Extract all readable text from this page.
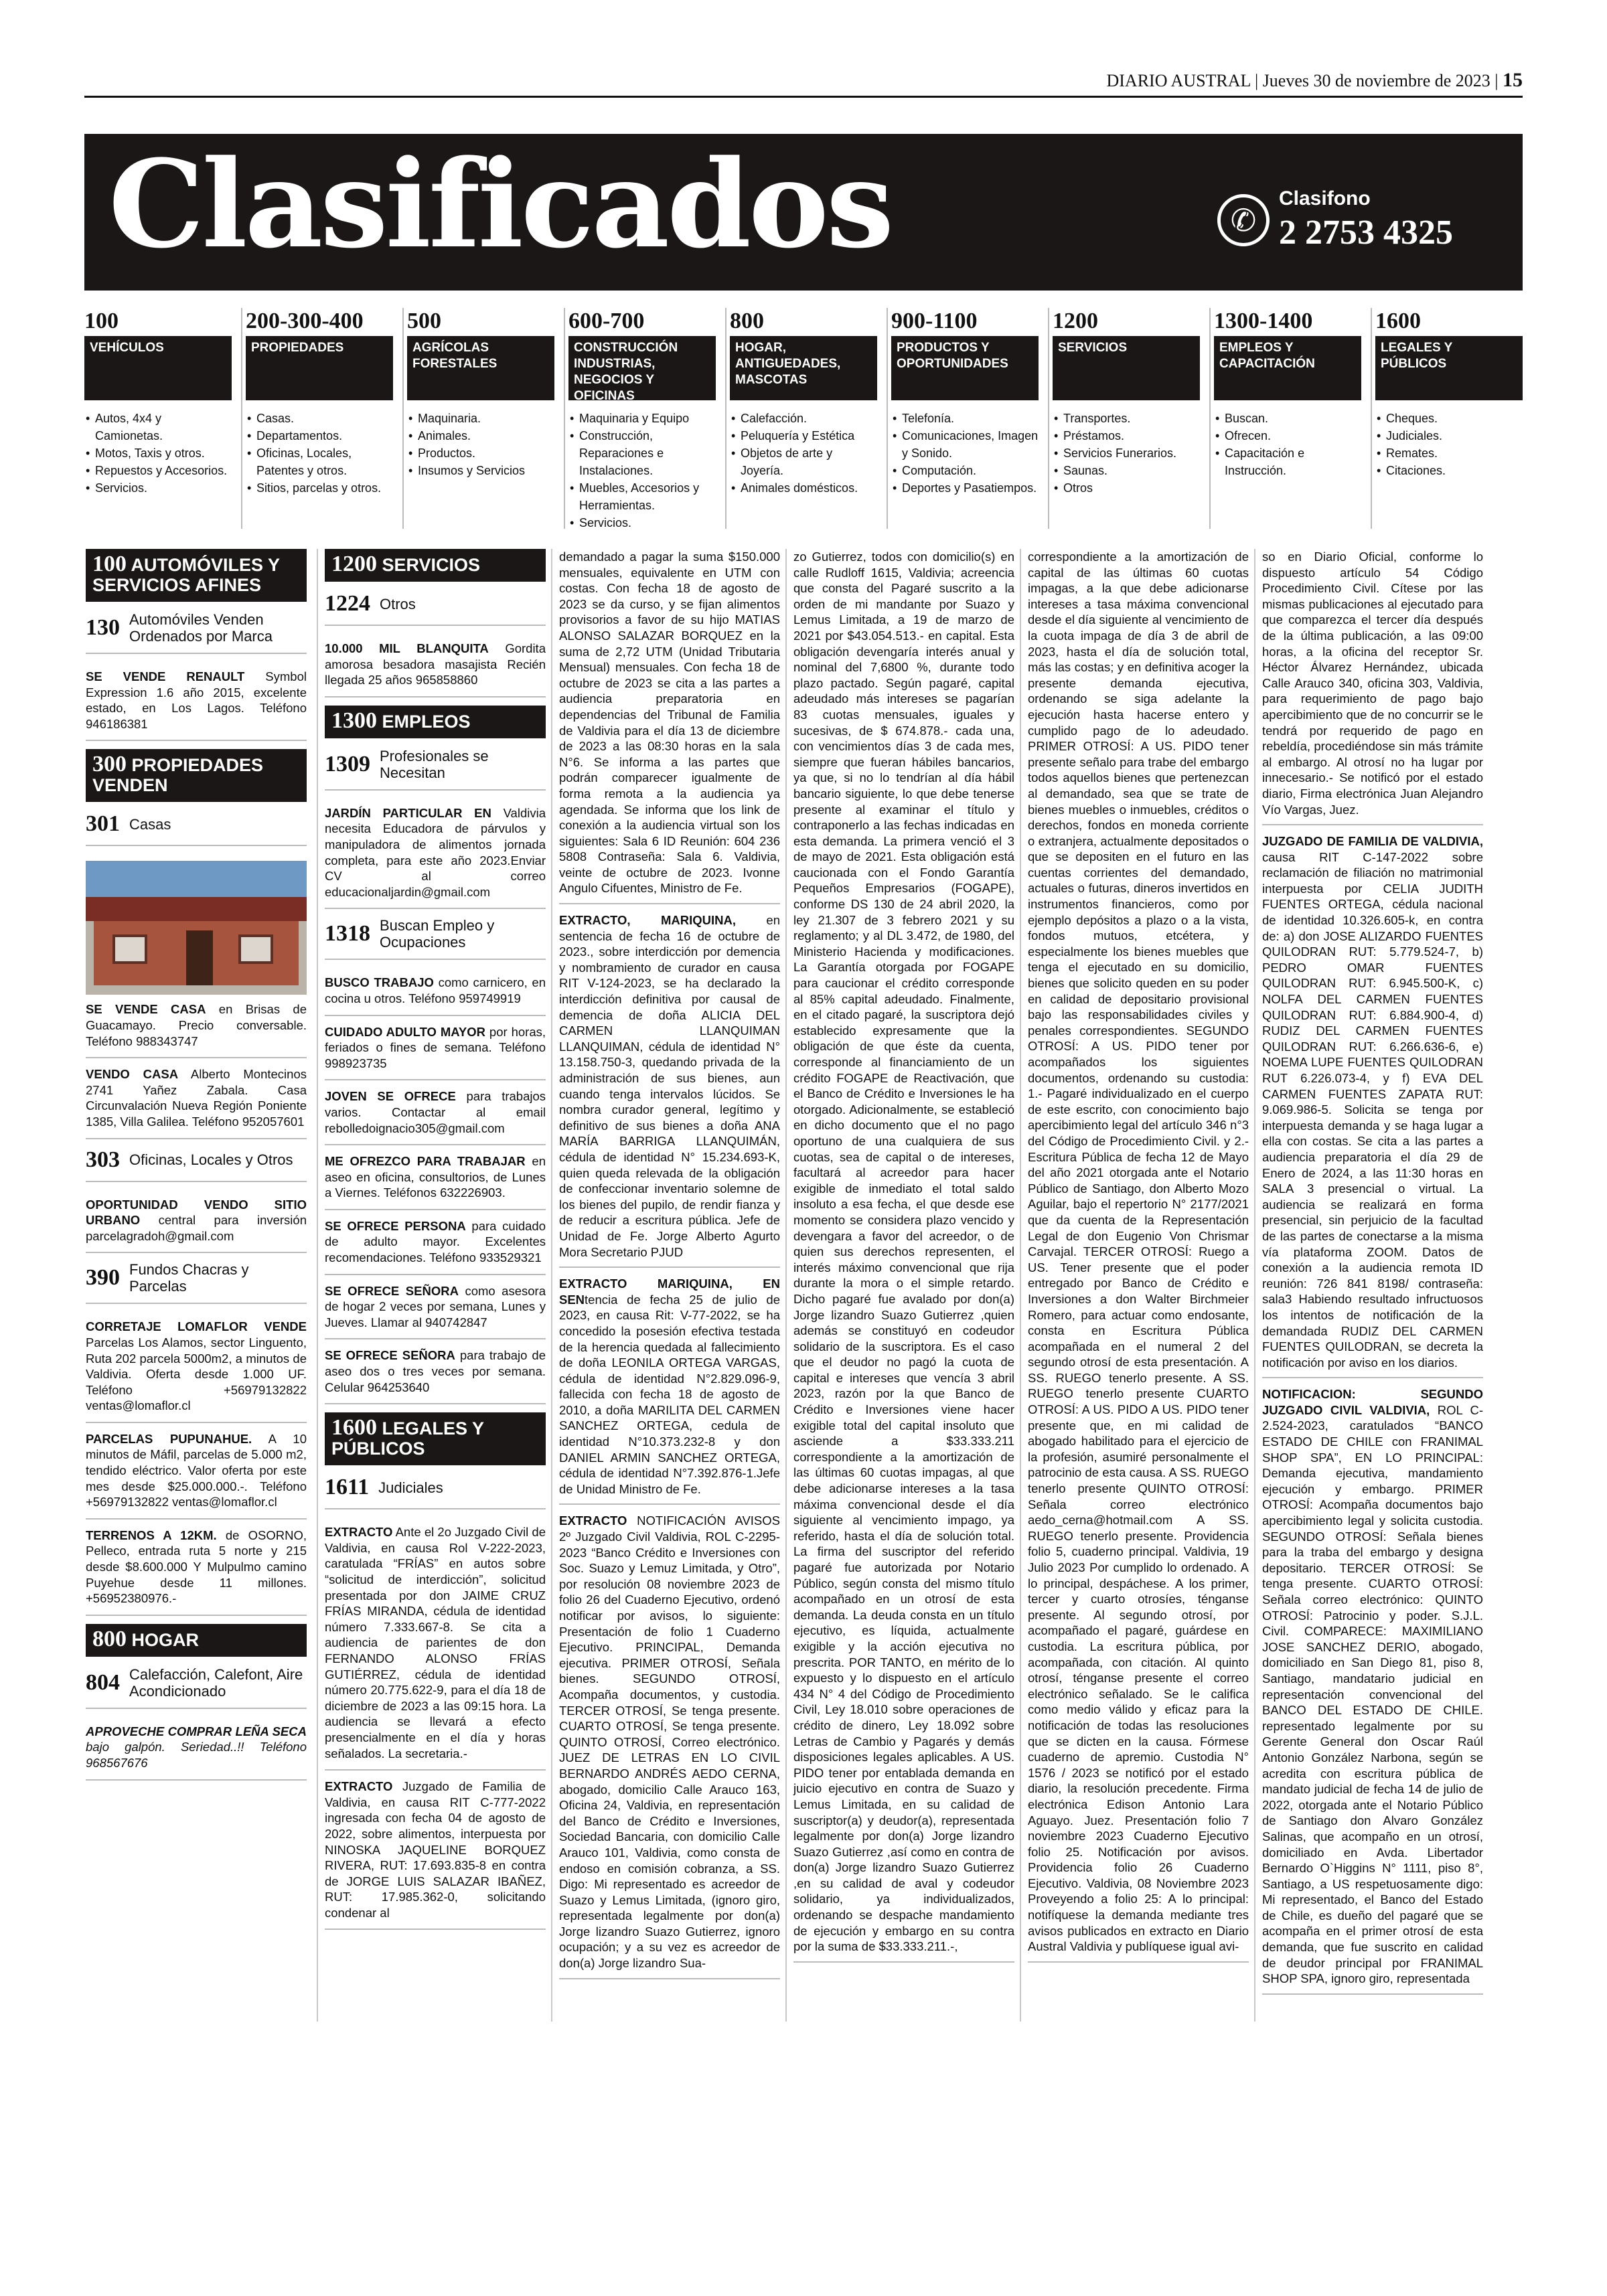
DIARIO AUSTRAL | Jueves 30 de noviembre de 2023 | 15
Clasificados	✆
Clasifono
2 2753 4325
100
VEHÍCULOS
• Autos, 4x4 y Camionetas.
• Motos, Taxis y otros.
• Repuestos y Accesorios.
• Servicios.
200-300-400
PROPIEDADES
• Casas.
• Departamentos.
• Oficinas, Locales, Patentes y otros.
• Sitios, parcelas y otros.
500
AGRÍCOLAS FORESTALES
• Maquinaria.
• Animales.
• Productos.
• Insumos y Servicios
600-700
CONSTRUCCIÓN INDUSTRIAS, NEGOCIOS Y OFICINAS
• Maquinaria y Equipo
• Construcción, Reparaciones e Instalaciones.
• Muebles, Accesorios y Herramientas.
• Servicios.
800
HOGAR, ANTIGUEDADES, MASCOTAS
• Calefacción.
• Peluquería y Estética
• Objetos de arte y Joyería.
• Animales domésticos.
900-1100
PRODUCTOS Y OPORTUNIDADES
• Telefonía.
• Comunicaciones, Imagen y Sonido.
• Computación.
• Deportes y Pasatiempos.
1200
SERVICIOS
• Transportes.
• Préstamos.
• Servicios Funerarios.
• Saunas.
• Otros
1300-1400
EMPLEOS Y CAPACITACIÓN
• Buscan.
• Ofrecen.
• Capacitación e Instrucción.
1600
LEGALES Y PÚBLICOS
• Cheques.
• Judiciales.
• Remates.
• Citaciones.
100 AUTOMÓVILES Y SERVICIOS AFINES
130 Automóviles Venden Ordenados por Marca
SE VENDE RENAULT Symbol Expression 1.6 año 2015, excelente estado, en Los Lagos. Teléfono 946186381
300 PROPIEDADES VENDEN
301 Casas
SE VENDE CASA en Brisas de Guacamayo. Precio conversable. Teléfono 988343747
VENDO CASA Alberto Montecinos 2741 Yañez Zabala. Casa Circunvalación Nueva Región Poniente 1385, Villa Galilea. Teléfono 952057601
303 Oficinas, Locales y Otros
OPORTUNIDAD VENDO SITIO URBANO central para inversión parcelagradoh@gmail.com
390 Fundos Chacras y Parcelas
CORRETAJE LOMAFLOR VENDE Parcelas Los Alamos, sector Linguento, Ruta 202 parcela 5000m2, a minutos de Valdivia. Oferta desde 1.000 UF. Teléfono +56979132822 ventas@lomaflor.cl
PARCELAS PUPUNAHUE. A 10 minutos de Máfil, parcelas de 5.000 m2, tendido eléctrico. Valor oferta por este mes desde $25.000.000.-. Teléfono +56979132822 ventas@lomaflor.cl
TERRENOS A 12KM. de OSORNO, Pelleco, entrada ruta 5 norte y 215 desde $8.600.000 Y Mulpulmo camino Puyehue desde 11 millones. +56952380976.-
800 HOGAR
804 Calefacción, Calefont, Aire Acondicionado
APROVECHE COMPRAR LEÑA SECA bajo galpón. Seriedad..!! Teléfono 968567676
1200 SERVICIOS
1224 Otros
10.000 MIL BLANQUITA Gordita amorosa besadora masajista Recién llegada 25 años 965858860
1300 EMPLEOS
1309 Profesionales se Necesitan
JARDÍN PARTICULAR EN Valdivia necesita Educadora de párvulos y manipuladora de alimentos jornada completa, para este año 2023.Enviar CV al correo educacionaljardin@gmail.com
1318 Buscan Empleo y Ocupaciones
BUSCO TRABAJO como carnicero, en cocina u otros. Teléfono 959749919
CUIDADO ADULTO MAYOR por horas, feriados o fines de semana. Teléfono 998923735
JOVEN SE OFRECE para trabajos varios. Contactar al email rebolledoignacio305@gmail.com
ME OFREZCO PARA TRABAJAR en aseo en oficina, consultorios, de Lunes a Viernes. Teléfonos 632226903.
SE OFRECE PERSONA para cuidado de adulto mayor. Excelentes recomendaciones. Teléfono 933529321
SE OFRECE SEÑORA como asesora de hogar 2 veces por semana, Lunes y Jueves. Llamar al 940742847
SE OFRECE SEÑORA para trabajo de aseo dos o tres veces por semana. Celular 964253640
1600 LEGALES Y PÚBLICOS
1611 Judiciales
EXTRACTO Ante el 2o Juzgado Civil de Valdivia, en causa Rol V-222-2023, caratulada “FRÍAS” en autos sobre “solicitud de interdicción”, solicitud presentada por don JAIME CRUZ FRÍAS MIRANDA, cédula de identidad número 7.333.667-8. Se cita a audiencia de parientes de don FERNANDO ALONSO FRÍAS GUTIÉRREZ, cédula de identidad número 20.775.622-9, para el día 18 de diciembre de 2023 a las 09:15 hora. La audiencia se llevará a efecto presencialmente en el día y horas señalados. La secretaria.-
EXTRACTO Juzgado de Familia de Valdivia, en causa RIT C-777-2022 ingresada con fecha 04 de agosto de 2022, sobre alimentos, interpuesta por NINOSKA JAQUELINE BORQUEZ RIVERA, RUT: 17.693.835-8 en contra de JORGE LUIS SALAZAR IBAÑEZ, RUT: 17.985.362-0, solicitando condenar al

demandado a pagar la suma $150.000 mensuales, equivalente en UTM con costas. Con fecha 18 de agosto de 2023 se da curso, y se fijan alimentos provisorios a favor de su hijo MATIAS ALONSO SALAZAR BORQUEZ en la suma de 2,72 UTM (Unidad Tributaria Mensual) mensuales. Con fecha 18 de octubre de 2023 se cita a las partes a audiencia preparatoria en dependencias del Tribunal de Familia de Valdivia para el día 13 de diciembre de 2023 a las 08:30 horas en la sala N°6. Se informa a las partes que podrán comparecer igualmente de forma remota a la audiencia ya agendada. Se informa que los link de conexión a la audiencia virtual son los siguientes: Sala 6 ID Reunión: 604 236 5808 Contraseña: Sala 6. Valdivia, veinte de octubre de 2023. Ivonne Angulo Cifuentes, Ministro de Fe.

EXTRACTO, MARIQUINA, en sentencia de fecha 16 de octubre de 2023., sobre interdicción por demencia y nombramiento de curador en causa RIT V-124-2023, se ha declarado la interdicción definitiva por causal de demencia de doña ALICIA DEL CARMEN LLANQUIMAN LLANQUIMAN, cédula de identidad N° 13.158.750-3, quedando privada de la administración de sus bienes, aun cuando tenga intervalos lúcidos. Se nombra curador general, legítimo y definitivo de sus bienes a doña ANA MARÍA BARRIGA LLANQUIMÁN, cédula de identidad N° 15.234.693-K, quien queda relevada de la obligación de confeccionar inventario solemne de los bienes del pupilo, de rendir fianza y de reducir a escritura pública. Jefe de Unidad de Fe. Jorge Alberto Agurto Mora Secretario PJUD

EXTRACTO MARIQUINA, EN SENtencia de fecha 25 de julio de 2023, en causa Rit: V-77-2022, se ha concedido la posesión efectiva testada de la herencia quedada al fallecimiento de doña LEONILA ORTEGA VARGAS, cédula de identidad N°2.829.096-9, fallecida con fecha 18 de agosto de 2010, a doña MARILITA DEL CARMEN SANCHEZ ORTEGA, cedula de identidad N°10.373.232-8 y don DANIEL ARMIN SANCHEZ ORTEGA, cédula de identidad N°7.392.876-1.Jefe de Unidad Ministro de Fe.

EXTRACTO NOTIFICACIÓN AVISOS 2º Juzgado Civil Valdivia, ROL C-2295-2023 “Banco Crédito e Inversiones con Soc. Suazo y Lemuz Limitada, y Otro”, por resolución 08 noviembre 2023 de folio 26 del Cuaderno Ejecutivo, ordenó notificar por avisos, lo siguiente: Presentación de folio 1 Cuaderno Ejecutivo. PRINCIPAL, Demanda ejecutiva. PRIMER OTROSÍ, Señala bienes. SEGUNDO OTROSÍ, Acompaña documentos, y custodia. TERCER OTROSÍ, Se tenga presente. CUARTO OTROSÍ, Se tenga presente. QUINTO OTROSÍ, Correo electrónico. JUEZ DE LETRAS EN LO CIVIL BERNARDO ANDRÉS AEDO CERNA, abogado, domicilio Calle Arauco 163, Oficina 24, Valdivia, en representación del Banco de Crédito e Inversiones, Sociedad Bancaria, con domicilio Calle Arauco 101, Valdivia, como consta de endoso en comisión cobranza, a SS. Digo: Mi representado es acreedor de Suazo y Lemus Limitada, (ignoro giro, representada legalmente por don(a) Jorge lizandro Suazo Gutierrez, ignoro ocupación; y a su vez es acreedor de don(a) Jorge lizandro Sua-

zo Gutierrez, todos con domicilio(s) en calle Rudloff 1615, Valdivia; acreencia que consta del Pagaré suscrito a la orden de mi mandante por Suazo y Lemus Limitada, a 19 de marzo de 2021 por $43.054.513.- en capital. Esta obligación devengaría interés anual y nominal del 7,6800 %, durante todo plazo pactado. Según pagaré, capital adeudado más intereses se pagarían 83 cuotas mensuales, iguales y sucesivas, de $ 674.878.- cada una, con vencimientos días 3 de cada mes, siempre que fueran hábiles bancarios, ya que, si no lo tendrían al día hábil bancario siguiente, lo que debe tenerse presente al examinar el título y contraponerlo a las fechas indicadas en esta demanda. La primera venció el 3 de mayo de 2021. Esta obligación está caucionada con el Fondo Garantía Pequeños Empresarios (FOGAPE), conforme DS 130 de 24 abril 2020, la ley 21.307 de 3 febrero 2021 y su reglamento; y al DL 3.472, de 1980, del Ministerio Hacienda y modificaciones. La Garantía otorgada por FOGAPE para caucionar el crédito corresponde al 85% capital adeudado. Finalmente, en el citado pagaré, la suscriptora dejó establecido expresamente que la obligación de que éste da cuenta, corresponde al financiamiento de un crédito FOGAPE de Reactivación, que el Banco de Crédito e Inversiones le ha otorgado. Adicionalmente, se estableció en dicho documento que el no pago oportuno de una cualquiera de sus cuotas, sea de capital o de intereses, facultará al acreedor para hacer exigible de inmediato el total saldo insoluto a esa fecha, el que desde ese momento se considera plazo vencido y devengara a favor del acreedor, o de quien sus derechos representen, el interés máximo convencional que rija durante la mora o el simple retardo. Dicho pagaré fue avalado por don(a) Jorge lizandro Suazo Gutierrez ,quien además se constituyó en codeudor solidario de la suscriptora. Es el caso que el deudor no pagó la cuota de capital e intereses que vencía 3 abril 2023, razón por la que Banco de Crédito e Inversiones viene hacer exigible total del capital insoluto que asciende a $33.333.211 correspondiente a la amortización de las últimas 60 cuotas impagas, al que debe adicionarse intereses a la tasa máxima convencional desde el día siguiente al vencimiento impago, ya referido, hasta el día de solución total. La firma del suscriptor del referido pagaré fue autorizada por Notario Público, según consta del mismo título acompañado en un otrosí de esta demanda. La deuda consta en un título ejecutivo, es líquida, actualmente exigible y la acción ejecutiva no prescrita. POR TANTO, en mérito de lo expuesto y lo dispuesto en el artículo 434 N° 4 del Código de Procedimiento Civil, Ley 18.010 sobre operaciones de crédito de dinero, Ley 18.092 sobre Letras de Cambio y Pagarés y demás disposiciones legales aplicables. A US. PIDO tener por entablada demanda en juicio ejecutivo en contra de Suazo y Lemus Limitada, en su calidad de suscriptor(a) y deudor(a), representada legalmente por don(a) Jorge lizandro Suazo Gutierrez ,así como en contra de don(a) Jorge lizandro Suazo Gutierrez ,en su calidad de aval y codeudor solidario, ya individualizados, ordenando se despache mandamiento de ejecución y embargo en su contra por la suma de $33.333.211.-,

correspondiente a la amortización de capital de las últimas 60 cuotas impagas, a la que debe adicionarse intereses a tasa máxima convencional desde el día siguiente al vencimiento de la cuota impaga de día 3 de abril de 2023, hasta el día de solución total, más las costas; y en definitiva acoger la presente demanda ejecutiva, ordenando se siga adelante la ejecución hasta hacerse entero y cumplido pago de lo adeudado. PRIMER OTROSÍ: A US. PIDO tener presente señalo para trabe del embargo todos aquellos bienes que pertenezcan al demandado, sea que se trate de bienes muebles o inmuebles, créditos o derechos, fondos en moneda corriente o extranjera, actualmente depositados o que se depositen en el futuro en las cuentas corrientes del demandado, actuales o futuras, dineros invertidos en instrumentos financieros, como por ejemplo depósitos a plazo o a la vista, fondos mutuos, etcétera, y especialmente los bienes muebles que tenga el ejecutado en su domicilio, bienes que solicito queden en su poder en calidad de depositario provisional bajo las responsabilidades civiles y penales correspondientes. SEGUNDO OTROSÍ: A US. PIDO tener por acompañados los siguientes documentos, ordenando su custodia: 1.- Pagaré individualizado en el cuerpo de este escrito, con conocimiento bajo apercibimiento legal del artículo 346 n°3 del Código de Procedimiento Civil. y 2.- Escritura Pública de fecha 12 de Mayo del año 2021 otorgada ante el Notario Público de Santiago, don Alberto Mozo Aguilar, bajo el repertorio N° 2177/2021 que da cuenta de la Representación Legal de don Eugenio Von Chrismar Carvajal. TERCER OTROSÍ: Ruego a US. Tener presente que el poder entregado por Banco de Crédito e Inversiones a don Walter Birchmeier Romero, para actuar como endosante, consta en Escritura Pública acompañada en el numeral 2 del segundo otrosí de esta presentación. A SS. RUEGO tenerlo presente. A SS. RUEGO tenerlo presente CUARTO OTROSÍ: A US. PIDO A US. PIDO tener presente que, en mi calidad de abogado habilitado para el ejercicio de la profesión, asumiré personalmente el patrocinio de esta causa. A SS. RUEGO tenerlo presente QUINTO OTROSÍ: Señala correo electrónico aedo_cerna@hotmail.com A SS. RUEGO tenerlo presente. Providencia folio 5, cuaderno principal. Valdivia, 19 Julio 2023 Por cumplido lo ordenado. A lo principal, despáchese. A los primer, tercer y cuarto otrosíes, ténganse presente. Al segundo otrosí, por acompañado el pagaré, guárdese en custodia. La escritura pública, por acompañada, con citación. Al quinto otrosí, ténganse presente el correo electrónico señalado. Se le califica como medio válido y eficaz para la notificación de todas las resoluciones que se dicten en la causa. Fórmese cuaderno de apremio. Custodia N° 1576 / 2023 se notificó por el estado diario, la resolución precedente. Firma electrónica Edison Antonio Lara Aguayo. Juez. Presentación folio 7 noviembre 2023 Cuaderno Ejecutivo folio 25. Notificación por avisos. Providencia folio 26 Cuaderno Ejecutivo. Valdivia, 08 Noviembre 2023 Proveyendo a folio 25: A lo principal: notifíquese la demanda mediante tres avisos publicados en extracto en Diario Austral Valdivia y publíquese igual avi-

so en Diario Oficial, conforme lo dispuesto artículo 54 Código Procedimiento Civil. Cítese por las mismas publicaciones al ejecutado para que comparezca el tercer día después de la última publicación, a las 09:00 horas, a la oficina del receptor Sr. Héctor Álvarez Hernández, ubicada Calle Arauco 340, oficina 303, Valdivia, para requerimiento de pago bajo apercibimiento que de no concurrir se le tendrá por requerido de pago en rebeldía, procediéndose sin más trámite al embargo. Al otrosí no ha lugar por innecesario.- Se notificó por el estado diario, Firma electrónica Juan Alejandro Vío Vargas, Juez.

JUZGADO DE FAMILIA DE VALDIVIA, causa RIT C-147-2022 sobre reclamación de filiación no matrimonial interpuesta por CELIA JUDITH FUENTES ORTEGA, cédula nacional de identidad 10.326.605-k, en contra de: a) don JOSE ALIZARDO FUENTES QUILODRAN RUT: 5.779.524-7, b) PEDRO OMAR FUENTES QUILODRAN RUT: 6.945.500-K, c) NOLFA DEL CARMEN FUENTES QUILODRAN RUT: 6.884.900-4, d) RUDIZ DEL CARMEN FUENTES QUILODRAN RUT: 6.266.636-6, e) NOEMA LUPE FUENTES QUILODRAN RUT 6.226.073-4, y f) EVA DEL CARMEN FUENTES ZAPATA RUT: 9.069.986-5. Solicita se tenga por interpuesta demanda y se haga lugar a ella con costas. Se cita a las partes a audiencia preparatoria el día 29 de Enero de 2024, a las 11:30 horas en SALA 3 presencial o virtual. La audiencia se realizará en forma presencial, sin perjuicio de la facultad de las partes de conectarse a la misma vía plataforma ZOOM. Datos de conexión a la audiencia remota ID reunión: 726 841 8198/ contraseña: sala3 Habiendo resultado infructuosos los intentos de notificación de la demandada RUDIZ DEL CARMEN FUENTES QUILODRAN, se decreta la notificación por aviso en los diarios.

NOTIFICACION: SEGUNDO JUZGADO CIVIL VALDIVIA, ROL C- 2.524-2023, caratulados “BANCO ESTADO DE CHILE con FRANIMAL SHOP SPA”, EN LO PRINCIPAL: Demanda ejecutiva, mandamiento ejecución y embargo. PRIMER OTROSÍ: Acompaña documentos bajo apercibimiento legal y solicita custodia. SEGUNDO OTROSÍ: Señala bienes para la traba del embargo y designa depositario. TERCER OTROSÍ: Se tenga presente. CUARTO OTROSÍ: Señala correo electrónico: QUINTO OTROSÍ: Patrocinio y poder. S.J.L. Civil. COMPARECE: MAXIMILIANO JOSE SANCHEZ DERIO, abogado, domiciliado en San Diego 81, piso 8, Santiago, mandatario judicial en representación convencional del BANCO DEL ESTADO DE CHILE. representado legalmente por su Gerente General don Oscar Raúl Antonio González Narbona, según se acredita con escritura pública de mandato judicial de fecha 14 de julio de 2022, otorgada ante el Notario Público de Santiago don Alvaro González Salinas, que acompaño en un otrosí, domiciliado en Avda. Libertador Bernardo O`Higgins N° 1111, piso 8°, Santiago, a US respetuosamente digo: Mi representado, el Banco del Estado de Chile, es dueño del pagaré que se acompaña en el primer otrosí de esta demanda, que fue suscrito en calidad de deudor principal por FRANIMAL SHOP SPA, ignoro giro, representada
